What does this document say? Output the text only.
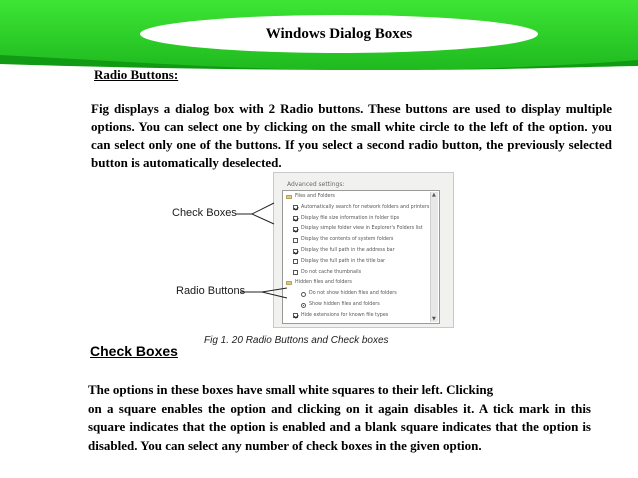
Windows Dialog Boxes
Radio Buttons:

Fig displays a dialog box with 2 Radio buttons. These buttons are used to display multiple options. You can select one by clicking on the small white circle to the left of the option. you can select only one of the buttons. If you select a second radio button, the previously selected button is automatically deselected.

Advanced settings:
▲
▼
Files and Folders
Automatically search for network folders and printers
Display file size information in folder tips
Display simple folder view in Explorer's Folders list
Display the contents of system folders
Display the full path in the address bar
Display the full path in the title bar
Do not cache thumbnails
Hidden files and folders
Do not show hidden files and folders
Show hidden files and folders
Hide extensions for known file types
Check Boxes
Radio Buttons
Fig 1. 20 Radio Buttons and Check boxes
Check Boxes

The options in these boxes have small white squares to their left. Clicking
on a square enables the option and clicking on it again disables it. A tick mark in this square indicates that the option is enabled and a blank square indicates that the option is disabled. You can select any number of check boxes in the given option.
